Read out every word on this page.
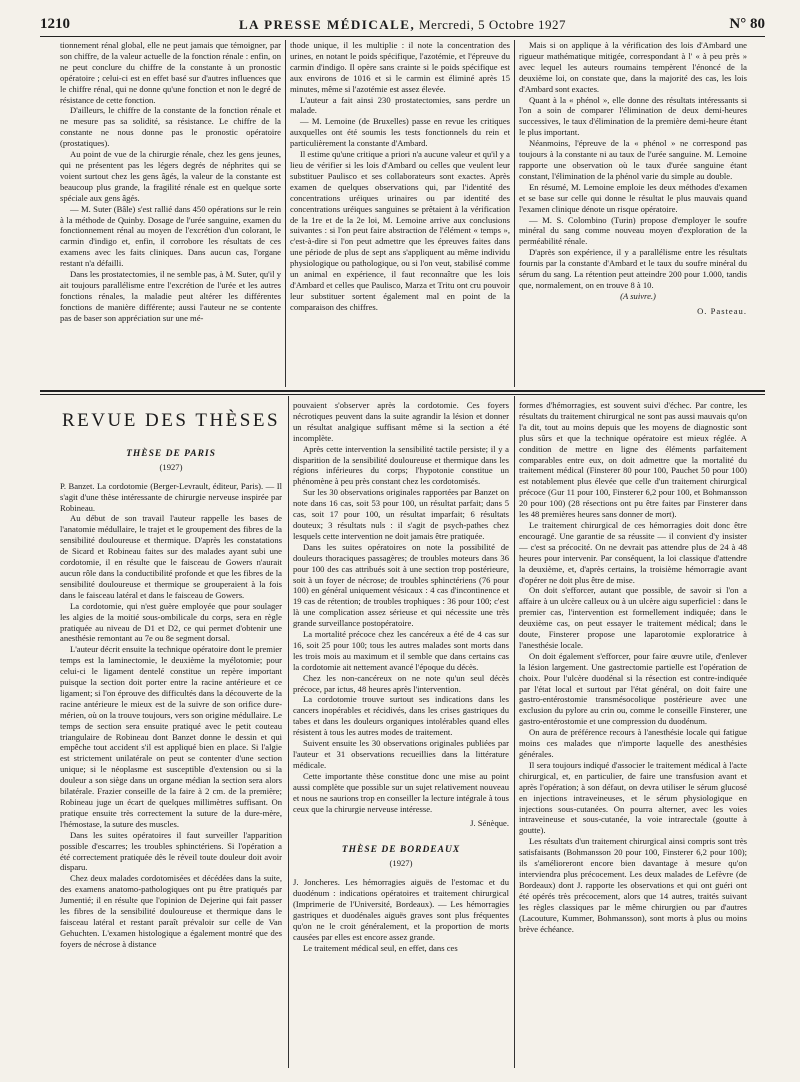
1210	LA PRESSE MÉDICALE, Mercredi, 5 Octobre 1927	N° 80

tionnement rénal global, elle ne peut jamais que témoigner, par son chiffre, de la valeur actuelle de la fonction rénale : enfin, on ne peut conclure du chiffre de la constante à un pronostic opératoire ; celui-ci est en effet basé sur d'autres influences que le chiffre rénal, qui ne donne qu'une fonction et non le degré de résistance de cette fonction.

D'ailleurs, le chiffre de la constante de la fonction rénale et ne mesure pas sa solidité, sa résistance. Le chiffre de la constante ne nous donne pas le pronostic opératoire (prostatiques).

Au point de vue de la chirurgie rénale, chez les gens jeunes, qui ne présentent pas les légers degrés de néphrites qui se voient surtout chez les gens âgés, la valeur de la constante est beaucoup plus grande, la fragilité rénale est en quelque sorte spéciale aux gens âgés.

— M. Suter (Bâle) s'est rallié dans 450 opérations sur le rein à la méthode de Quinby. Dosage de l'urée sanguine, examen du fonctionnement rénal au moyen de l'excrétion d'un colorant, le carmin d'indigo et, enfin, il corrobore les résultats de ces examens avec les faits cliniques. Dans aucun cas, l'organe restant n'a défailli.

Dans les prostatectomies, il ne semble pas, à M. Suter, qu'il y ait toujours parallélisme entre l'excrétion de l'urée et les autres fonctions rénales, la maladie peut altérer les différentes fonctions de manière différente; aussi l'auteur ne se contente pas de baser son appréciation sur une mé-

thode unique, il les multiplie : il note la concentration des urines, en notant le poids spécifique, l'azotémie, et l'épreuve du carmin d'indigo. Il opère sans crainte si le poids spécifique est aux environs de 1016 et si le carmin est éliminé après 15 minutes, même si l'azotémie est assez élevée.

L'auteur a fait ainsi 230 prostatectomies, sans perdre un malade.

— M. Lemoine (de Bruxelles) passe en revue les critiques auxquelles ont été soumis les tests fonctionnels du rein et particulièrement la constante d'Ambard.

Il estime qu'une critique a priori n'a aucune valeur et qu'il y a lieu de vérifier si les lois d'Ambard ou celles que veulent leur substituer Paulisco et ses collaborateurs sont exactes. Après examen de quelques observations qui, par l'identité des concentrations uréiques urinaires ou par identité des concentrations uréiques sanguines se prêtaient à la vérification de la 1re et de la 2e loi, M. Lemoine arrive aux conclusions suivantes : si l'on peut faire abstraction de l'élément « temps », c'est-à-dire si l'on peut admettre que les épreuves faites dans une période de plus de sept ans s'appliquent au même individu physiologique ou pathologique, ou si l'on veut, stabilisé comme un animal en expérience, il faut reconnaître que les lois d'Ambard et celles que Paulisco, Marza et Tritu ont cru pouvoir leur substituer sortent également mal en point de la comparaison des chiffres.

Mais si on applique à la vérification des lois d'Ambard une rigueur mathématique mitigée, correspondant à l' « à peu près » avec lequel les auteurs roumains tempèrent l'énoncé de la deuxième loi, on constate que, dans la majorité des cas, les lois d'Ambard sont exactes.

Quant à la « phénol », elle donne des résultats intéressants si l'on a soin de comparer l'élimination de deux demi-heures successives, le taux d'élimination de la première demi-heure étant le plus important.

Néanmoins, l'épreuve de la « phénol » ne correspond pas toujours à la constante ni au taux de l'urée sanguine. M. Lemoine rapporte une observation où le taux d'urée sanguine étant constant, l'élimination de la phénol varie du simple au double.

En résumé, M. Lemoine emploie les deux méthodes d'examen et se base sur celle qui donne le résultat le plus mauvais quand l'examen clinique dénote un risque opératoire.

— M. S. Colombino (Turin) propose d'employer le soufre minéral du sang comme nouveau moyen d'exploration de la perméabilité rénale.

D'après son expérience, il y a parallélisme entre les résultats fournis par la constante d'Ambard et le taux du soufre minéral du sérum du sang. La rétention peut atteindre 200 pour 1.000, tandis que, normalement, on en trouve 8 à 10.

(A suivre.)

O. Pasteau.

REVUE DES THÈSES
THÈSE DE PARIS
(1927)

P. Banzet. La cordotomie (Berger-Levrault, éditeur, Paris). — Il s'agit d'une thèse intéressante de chirurgie nerveuse inspirée par Robineau.

Au début de son travail l'auteur rappelle les bases de l'anatomie médullaire, le trajet et le groupement des fibres de la sensibilité douloureuse et thermique. D'après les constatations de Sicard et Robineau faites sur des malades ayant subi une cordotomie, il en résulte que le faisceau de Gowers n'aurait aucun rôle dans la conductibilité profonde et que les fibres de la sensibilité douloureuse et thermique se grouperaient à la fois dans le faisceau latéral et dans le faisceau de Gowers.

La cordotomie, qui n'est guère employée que pour soulager les algies de la moitié sous-ombilicale du corps, sera en règle pratiquée au niveau de D1 et D2, ce qui permet d'obtenir une anesthésie remontant au 7e ou 8e segment dorsal.

L'auteur décrit ensuite la technique opératoire dont le premier temps est la laminectomie, le deuxième la myélotomie; pour celui-ci le ligament dentelé constitue un repère important puisque la section doit porter entre la racine antérieure et ce ligament; si l'on éprouve des difficultés dans la découverte de la racine antérieure le mieux est de la suivre de son orifice dure-mérien, où on la trouve toujours, vers son origine médullaire. Le temps de section sera ensuite pratiqué avec le petit couteau triangulaire de Robineau dont Banzet donne le dessin et qui empêche tout accident s'il est appliqué bien en place. Si l'algie est strictement unilatérale on peut se contenter d'une section unique; si le néoplasme est susceptible d'extension ou si la douleur a son siège dans un organe médian la section sera alors bilatérale. Frazier conseille de la faire à 2 cm. de la première; Robineau juge un écart de quelques millimètres suffisant. On pratique ensuite très correctement la suture de la dure-mère, l'hémostase, la suture des muscles.

Dans les suites opératoires il faut surveiller l'apparition possible d'escarres; les troubles sphinctériens. Si l'opération a été correctement pratiquée dès le réveil toute douleur doit avoir disparu.

Chez deux malades cordotomisées et décédées dans la suite, des examens anatomo-pathologiques ont pu être pratiqués par Jumentié; il en résulte que l'opinion de Dejerine qui fait passer les fibres de la sensibilité douloureuse et thermique dans le faisceau latéral et restant paraît prévaloir sur celle de Van Gehuchten. L'examen histologique a également montré que des foyers de nécrose à distance

pouvaient s'observer après la cordotomie. Ces foyers nécrotiques peuvent dans la suite agrandir la lésion et donner un résultat analgique suffisant même si la section a été incomplète.

Après cette intervention la sensibilité tactile persiste; il y a disparition de la sensibilité douloureuse et thermique dans les régions inférieures du corps; l'hypotonie constitue un phénomène à peu près constant chez les cordotomisés.

Sur les 30 observations originales rapportées par Banzet on note dans 16 cas, soit 53 pour 100, un résultat parfait; dans 5 cas, soit 17 pour 100, un résultat imparfait; 6 résultats douteux; 3 résultats nuls : il s'agit de psych-pathes chez lesquels cette intervention ne doit jamais être pratiquée.

Dans les suites opératoires on note la possibilité de douleurs thoraciques passagères; de troubles moteurs dans 36 pour 100 des cas attribués soit à une section trop postérieure, soit à un foyer de nécrose; de troubles sphinctériens (76 pour 100) en général uniquement vésicaux : 4 cas d'incontinence et 19 cas de rétention; de troubles trophiques : 36 pour 100; c'est là une complication assez sérieuse et qui nécessite une très grande surveillance postopératoire.

La mortalité précoce chez les cancéreux a été de 4 cas sur 16, soit 25 pour 100; tous les autres malades sont morts dans les trois mois au maximum et il semble que dans certains cas la cordotomie ait nettement avancé l'époque du décès.

Chez les non-cancéreux on ne note qu'un seul décès précoce, par ictus, 48 heures après l'intervention.

La cordotomie trouve surtout ses indications dans les cancers inopérables et récidivés, dans les crises gastriques du tabes et dans les douleurs organiques intolérables quand elles résistent à tous les autres modes de traitement.

Suivent ensuite les 30 observations originales publiées par l'auteur et 31 observations recueillies dans la littérature médicale.

Cette importante thèse constitue donc une mise au point aussi complète que possible sur un sujet relativement nouveau et nous ne saurions trop en conseiller la lecture intégrale à tous ceux que la chirurgie nerveuse intéresse.

J. Sénèque.

THÈSE DE BORDEAUX
(1927)

J. Joncheres. Les hémorragies aiguës de l'estomac et du duodénum : indications opératoires et traitement chirurgical (Imprimerie de l'Université, Bordeaux). — Les hémorragies gastriques et duodénales aiguës graves sont plus fréquentes qu'on ne le croit généralement, et la proportion de morts causées par elles est encore assez grande.

Le traitement médical seul, en effet, dans ces

formes d'hémorragies, est souvent suivi d'échec. Par contre, les résultats du traitement chirurgical ne sont pas aussi mauvais qu'on l'a dit, tout au moins depuis que les moyens de diagnostic sont plus sûrs et que la technique opératoire est mieux réglée. A condition de mettre en ligne des éléments parfaitement comparables entre eux, on doit admettre que la mortalité du traitement médical (Finsterer 80 pour 100, Pauchet 50 pour 100) est notablement plus élevée que celle d'un traitement chirurgical précoce (Gur 11 pour 100, Finsterer 6,2 pour 100, et Bohmansson 20 pour 100) (28 résections ont pu être faites par Finsterer dans les 48 premières heures sans donner de mort).

Le traitement chirurgical de ces hémorragies doit donc être encouragé. Une garantie de sa réussite — il convient d'y insister — c'est sa précocité. On ne devrait pas attendre plus de 24 à 48 heures pour intervenir. Par conséquent, la loi classique d'attendre la deuxième, et, d'après certains, la troisième hémorragie avant d'opérer ne doit plus être de mise.

On doit s'efforcer, autant que possible, de savoir si l'on a affaire à un ulcère calleux ou à un ulcère aigu superficiel : dans le premier cas, l'intervention est formellement indiquée; dans le deuxième cas, on peut essayer le traitement médical; dans le doute, Finsterer propose une laparotomie exploratrice à l'anesthésie locale.

On doit également s'efforcer, pour faire œuvre utile, d'enlever la lésion largement. Une gastrectomie partielle est l'opération de choix. Pour l'ulcère duodénal si la résection est contre-indiquée par l'état local et surtout par l'état général, on doit faire une gastro-entérostomie transmésocolique postérieure avec une exclusion du pylore au crin ou, comme le conseille Finsterer, une gastro-entérostomie et une compression du duodénum.

On aura de préférence recours à l'anesthésie locale qui fatigue moins ces malades que n'importe laquelle des anesthésies générales.

Il sera toujours indiqué d'associer le traitement médical à l'acte chirurgical, et, en particulier, de faire une transfusion avant et après l'opération; à son défaut, on devra utiliser le sérum glucosé en injections intraveineuses, et le sérum physiologique en injections sous-cutanées. On pourra alterner, avec les voies intraveineuse et sous-cutanée, la voie intrarectale (goutte à goutte).

Les résultats d'un traitement chirurgical ainsi compris sont très satisfaisants (Bohmansson 20 pour 100, Finsterer 6,2 pour 100); ils s'amélioreront encore bien davantage à mesure qu'on interviendra plus précocement. Les deux malades de Lefèvre (de Bordeaux) dont J. rapporte les observations et qui ont guéri ont été opérés très précocement, alors que 14 autres, traités suivant les règles classiques par le même chirurgien ou par d'autres (Lacouture, Kummer, Bohmansson), sont morts à plus ou moins brève échéance.
